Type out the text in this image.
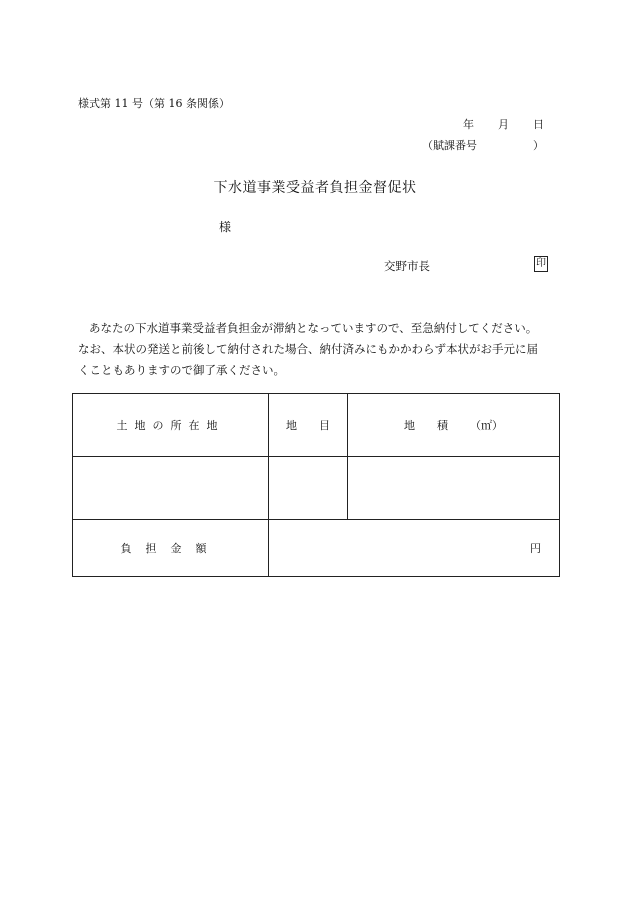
様式第 11 号（第 16 条関係）
年 月 日
（賦課番号	）
下水道事業受益者負担金督促状
様
交野市長	印

あなたの下水道事業受益者負担金が滞納となっていますので、至急納付してください。

なお、本状の発送と前後して納付された場合、納付済みにもかかわらず本状がお手元に届

くこともありますので御了承ください。

土地の所在地	地 目	地 積 （㎡）

負担金額	円	
